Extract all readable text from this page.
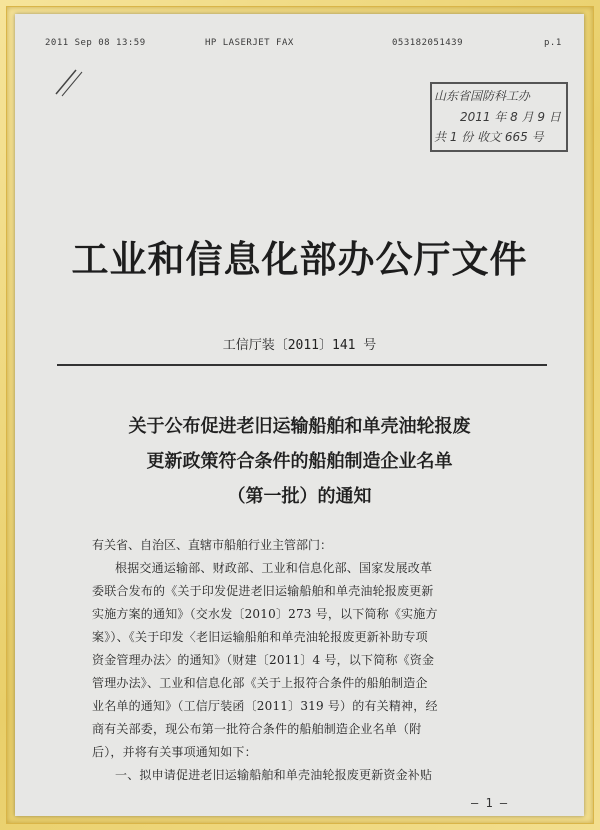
2011 Sep 08 13:59	HP LASERJET FAX	053182051439	p.1
山东省国防科工办
2011 年 8 月 9 日
共 1 份 收文 665 号
工业和信息化部办公厅文件
工信厅装〔2011〕141 号
关于公布促进老旧运输船舶和单壳油轮报废
更新政策符合条件的船舶制造企业名单
（第一批）的通知
有关省、自治区、直辖市船舶行业主管部门：
根据交通运输部、财政部、工业和信息化部、国家发展改革
委联合发布的《关于印发促进老旧运输船舶和单壳油轮报废更新
实施方案的通知》（交水发〔2010〕273 号，以下简称《实施方
案》）、《关于印发〈老旧运输船舶和单壳油轮报废更新补助专项
资金管理办法〉的通知》（财建〔2011〕4 号，以下简称《资金
管理办法》、工业和信息化部《关于上报符合条件的船舶制造企
业名单的通知》（工信厅装函〔2011〕319 号）的有关精神，经
商有关部委，现公布第一批符合条件的船舶制造企业名单（附
后），并将有关事项通知如下：
一、拟申请促进老旧运输船舶和单壳油轮报废更新资金补贴
— 1 —
